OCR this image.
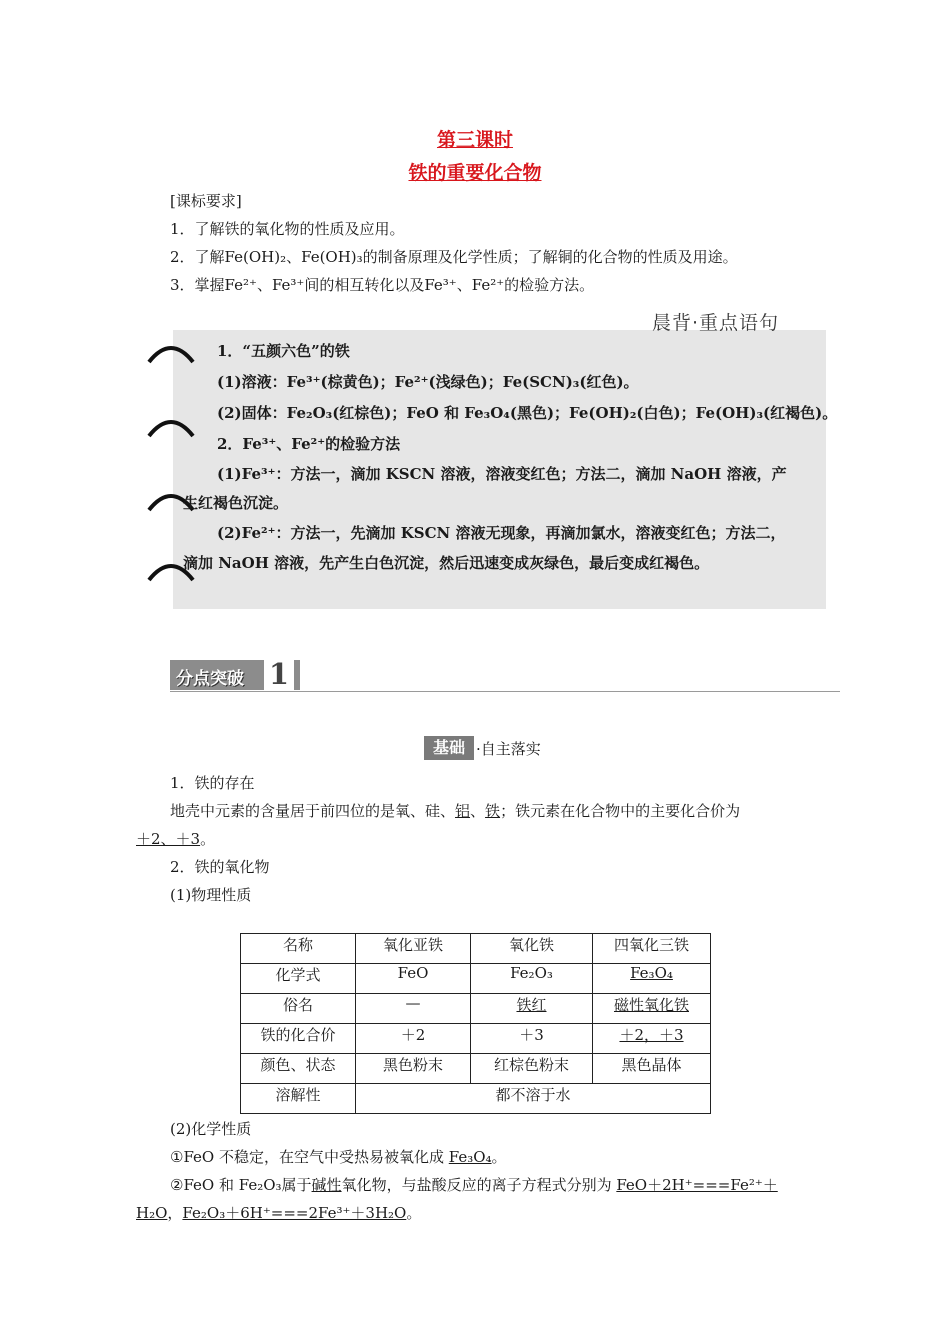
第三课时
铁的重要化合物
[课标要求]
1．了解铁的氧化物的性质及应用。
2．了解Fe(OH)₂、Fe(OH)₃的制备原理及化学性质；了解铜的化合物的性质及用途。
3．掌握Fe²⁺、Fe³⁺间的相互转化以及Fe³⁺、Fe²⁺的检验方法。
晨背·重点语句
1．“五颜六色”的铁
(1)溶液：Fe³⁺(棕黄色)；Fe²⁺(浅绿色)；Fe(SCN)₃(红色)。
(2)固体：Fe₂O₃(红棕色)；FeO 和 Fe₃O₄(黑色)；Fe(OH)₂(白色)；Fe(OH)₃(红褐色)。
2．Fe³⁺、Fe²⁺的检验方法
(1)Fe³⁺：方法一，滴加 KSCN 溶液，溶液变红色；方法二，滴加 NaOH 溶液，产
生红褐色沉淀。
(2)Fe²⁺：方法一，先滴加 KSCN 溶液无现象，再滴加氯水，溶液变红色；方法二，
滴加 NaOH 溶液，先产生白色沉淀，然后迅速变成灰绿色，最后变成红褐色。
分点突破 1
基础 ·自主落实
1．铁的存在
地壳中元素的含量居于前四位的是氧、硅、铝、铁；铁元素在化合物中的主要化合价为
＋2、＋3。
2．铁的氧化物
(1)物理性质
名称	氧化亚铁	氧化铁	四氧化三铁
化学式	FeO	Fe₂O₃	Fe₃O₄
俗名	—	铁红	磁性氧化铁
铁的化合价	＋2	＋3	＋2，＋3
颜色、状态	黑色粉末	红棕色粉末	黑色晶体
溶解性	都不溶于水		
(2)化学性质
①FeO 不稳定，在空气中受热易被氧化成 Fe₃O₄。
②FeO 和 Fe₂O₃属于碱性氧化物，与盐酸反应的离子方程式分别为 FeO＋2H⁺===Fe²⁺＋
H₂O，Fe₂O₃＋6H⁺===2Fe³⁺＋3H₂O。
